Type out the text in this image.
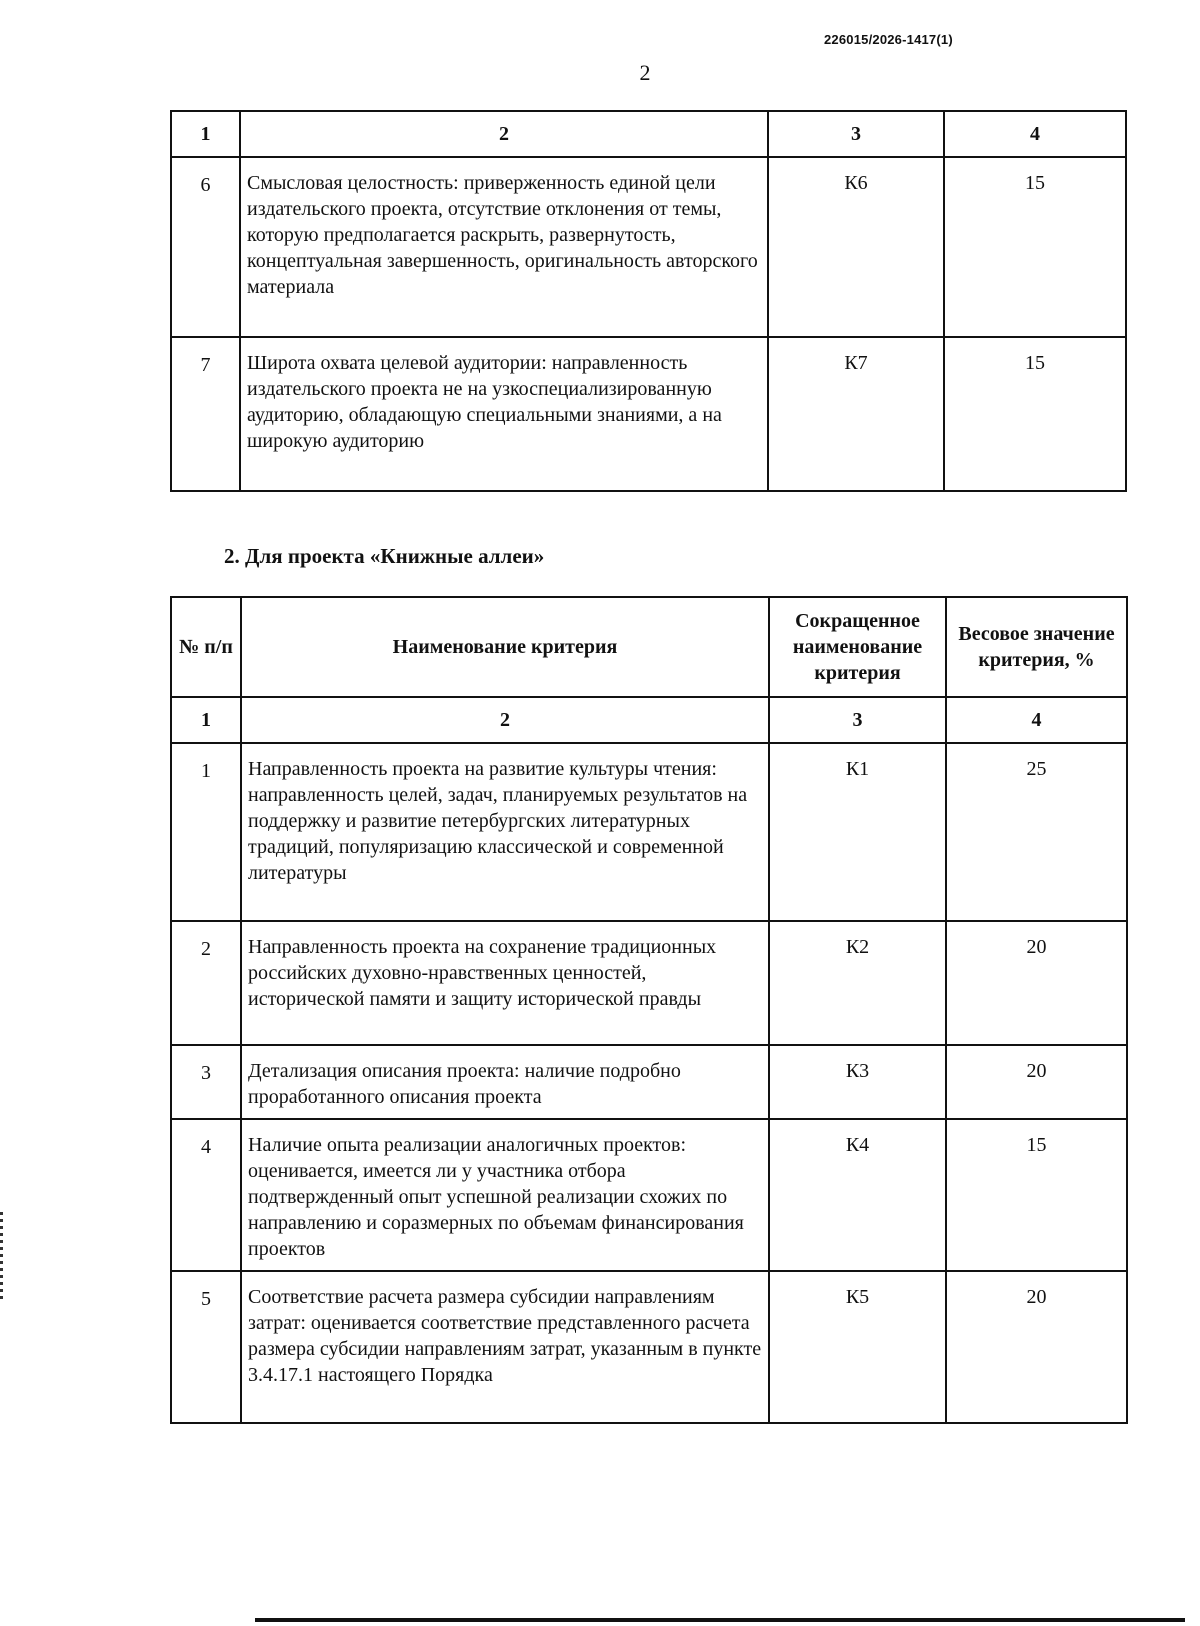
226015/2026-1417(1)
2
1	2	3	4
6	Смысловая целостность: приверженность единой цели издательского проекта, отсутствие отклонения от темы, которую предполагается раскрыть, развернутость, концептуальная завершенность, оригинальность авторского материала	К6	15
7	Широта охвата целевой аудитории: направленность издательского проекта не на узкоспециализированную аудиторию, обладающую специальными знаниями, а на широкую аудиторию	К7	15
2. Для проекта «Книжные аллеи»
№ п/п	Наименование критерия	Сокращенное наименование критерия	Весовое значение критерия, %
1	2	3	4
1	Направленность проекта на развитие культуры чтения: направленность целей, задач, планируемых результатов на поддержку и развитие петербургских литературных традиций, популяризацию классической и современной литературы	К1	25
2	Направленность проекта на сохранение традиционных российских духовно-нравственных ценностей, исторической памяти и защиту исторической правды	К2	20
3	Детализация описания проекта: наличие подробно проработанного описания проекта	К3	20
4	Наличие опыта реализации аналогичных проектов: оценивается, имеется ли у участника отбора подтвержденный опыт успешной реализации схожих по направлению и соразмерных по объемам финансирования проектов	К4	15
5	Соответствие расчета размера субсидии направлениям затрат: оценивается соответствие представленного расчета размера субсидии направлениям затрат, указанным в пункте 3.4.17.1 настоящего Порядка	К5	20
